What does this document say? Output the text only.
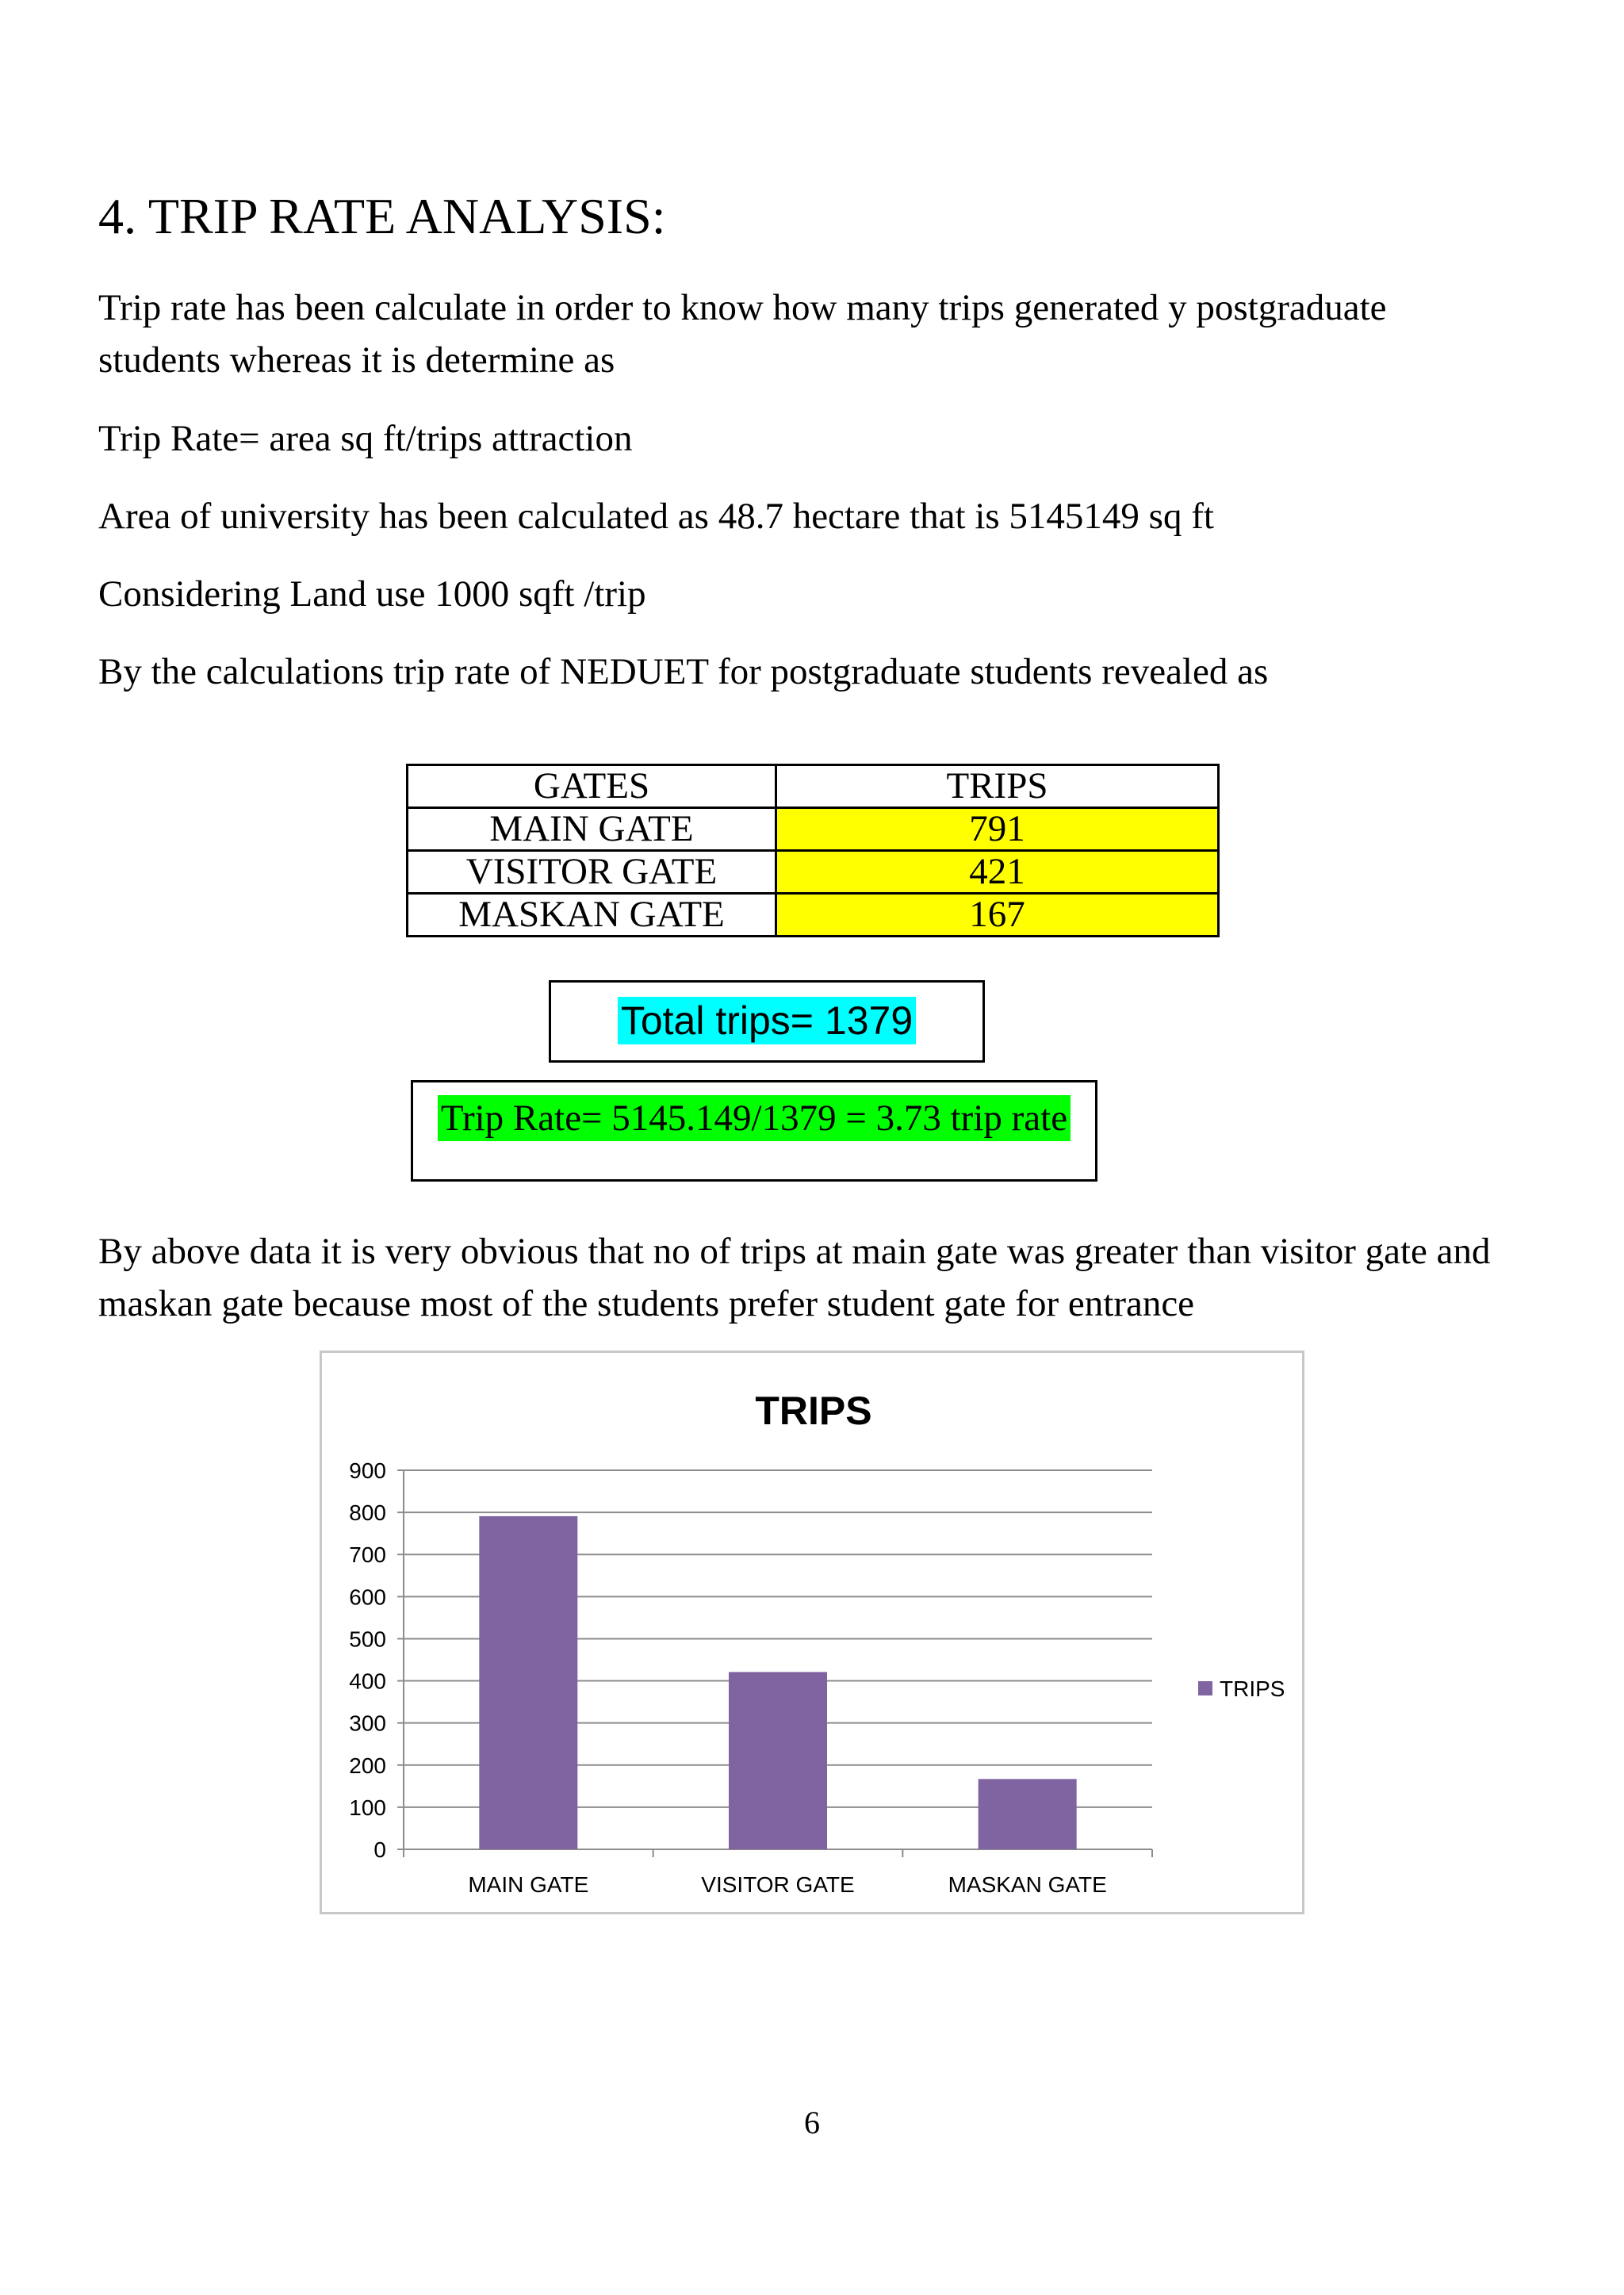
4. TRIP RATE ANALYSIS:
Trip rate has been calculate in order to know how many trips generated y postgraduate
students whereas it is determine as
Trip Rate= area sq ft/trips attraction
Area of university has been calculated as 48.7 hectare that is 5145149 sq ft
Considering Land use 1000 sqft /trip
By the calculations trip rate of NEDUET for postgraduate students revealed as
GATES	TRIPS
MAIN GATE	791
VISITOR GATE	421
MASKAN GATE	167
Total trips= 1379
Trip Rate= 5145.149/1379 = 3.73 trip rate
By above data it is very obvious that no of trips at main gate was greater than visitor gate and
maskan gate because most of the students prefer student gate for entrance
TRIPS
0
100
200
300
400
500
600
700
800
900
MAIN GATE	VISITOR GATE	MASKAN GATE
TRIPS
6
